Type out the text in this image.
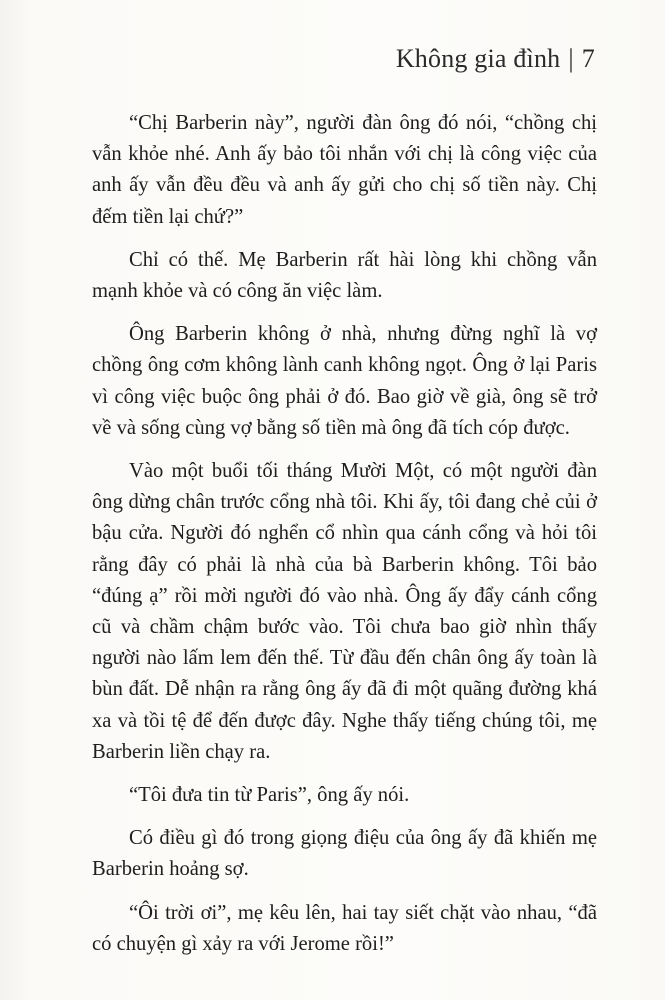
Không gia đình | 7

“Chị Barberin này”, người đàn ông đó nói, “chồng chị vẫn khỏe nhé. Anh ấy bảo tôi nhắn với chị là công việc của anh ấy vẫn đều đều và anh ấy gửi cho chị số tiền này. Chị đếm tiền lại chứ?”

Chỉ có thế. Mẹ Barberin rất hài lòng khi chồng vẫn mạnh khỏe và có công ăn việc làm.

Ông Barberin không ở nhà, nhưng đừng nghĩ là vợ chồng ông cơm không lành canh không ngọt. Ông ở lại Paris vì công việc buộc ông phải ở đó. Bao giờ về già, ông sẽ trở về và sống cùng vợ bằng số tiền mà ông đã tích cóp được.

Vào một buổi tối tháng Mười Một, có một người đàn ông dừng chân trước cổng nhà tôi. Khi ấy, tôi đang chẻ củi ở bậu cửa. Người đó nghển cổ nhìn qua cánh cổng và hỏi tôi rằng đây có phải là nhà của bà Barberin không. Tôi bảo “đúng ạ” rồi mời người đó vào nhà. Ông ấy đẩy cánh cổng cũ và chầm chậm bước vào. Tôi chưa bao giờ nhìn thấy người nào lấm lem đến thế. Từ đầu đến chân ông ấy toàn là bùn đất. Dễ nhận ra rằng ông ấy đã đi một quãng đường khá xa và tồi tệ để đến được đây. Nghe thấy tiếng chúng tôi, mẹ Barberin liền chạy ra.

“Tôi đưa tin từ Paris”, ông ấy nói.

Có điều gì đó trong giọng điệu của ông ấy đã khiến mẹ Barberin hoảng sợ.

“Ôi trời ơi”, mẹ kêu lên, hai tay siết chặt vào nhau, “đã có chuyện gì xảy ra với Jerome rồi!”
